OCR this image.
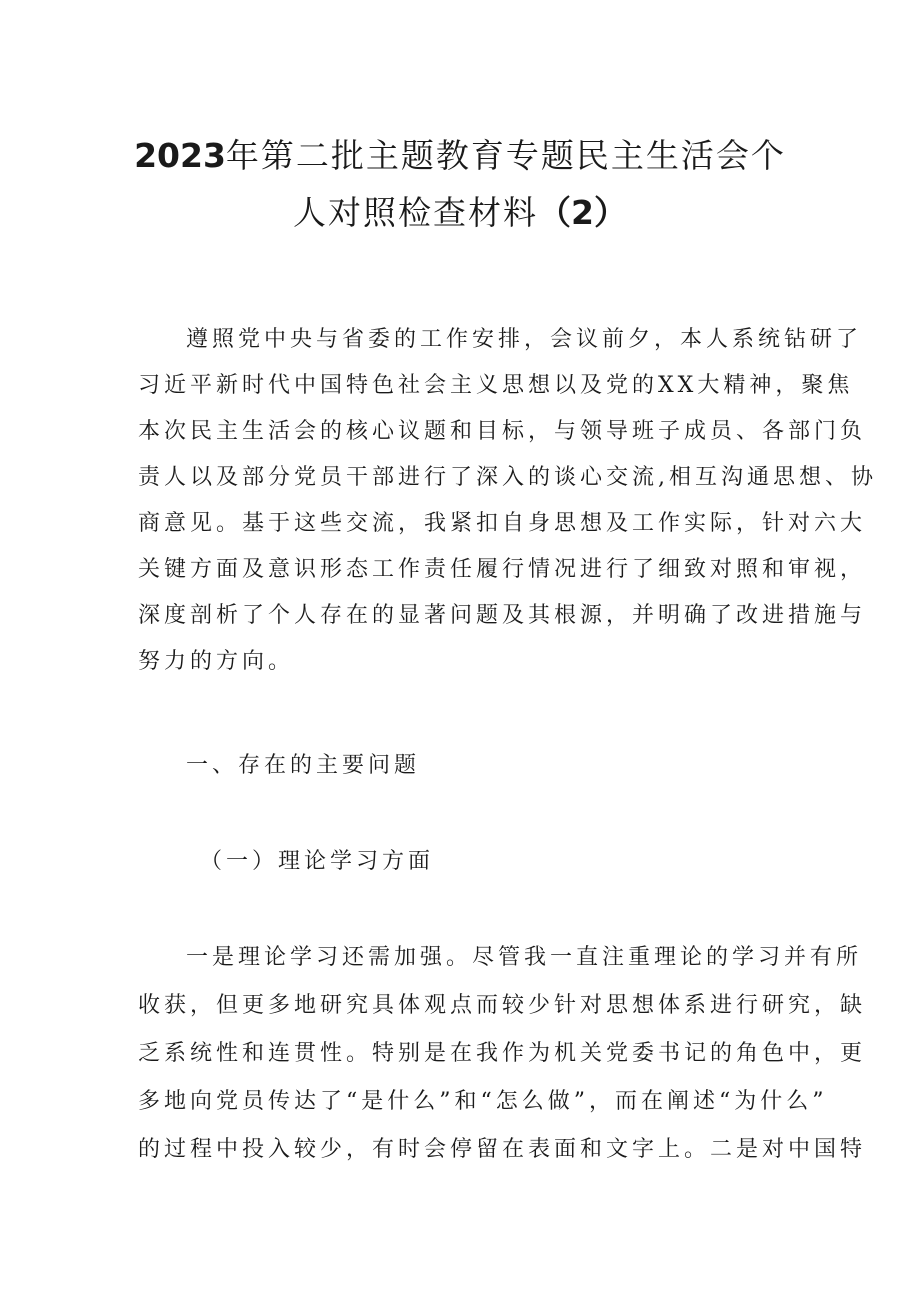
2023年第二批主题教育专题民主生活会个
人对照检查材料（2）
遵照党中央与省委的工作安排，会议前夕，本人系统钻研了
习近平新时代中国特色社会主义思想以及党的XX大精神，聚焦
本次民主生活会的核心议题和目标，与领导班子成员、各部门负
责人以及部分党员干部进行了深入的谈心交流,相互沟通思想、协
商意见。基于这些交流，我紧扣自身思想及工作实际，针对六大
关键方面及意识形态工作责任履行情况进行了细致对照和审视，
深度剖析了个人存在的显著问题及其根源，并明确了改进措施与
努力的方向。
一、存在的主要问题
（一）理论学习方面
一是理论学习还需加强。尽管我一直注重理论的学习并有所
收获，但更多地研究具体观点而较少针对思想体系进行研究，缺
乏系统性和连贯性。特别是在我作为机关党委书记的角色中，更
多地向党员传达了“是什么”和“怎么做”，而在阐述“为什么”
的过程中投入较少，有时会停留在表面和文字上。二是对中国特
